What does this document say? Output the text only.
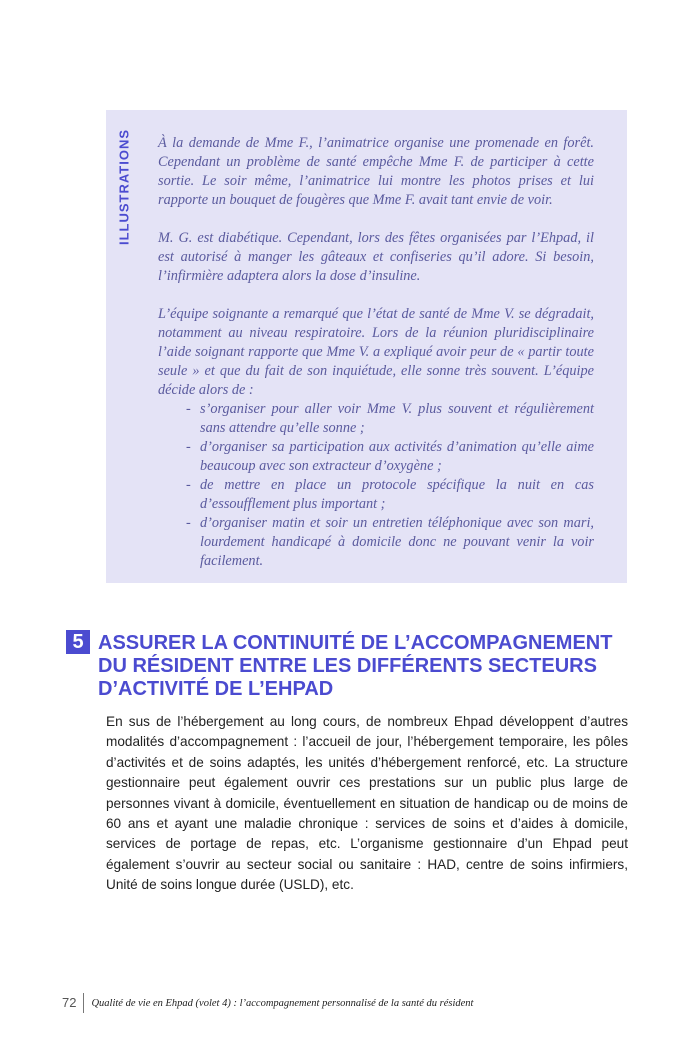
ILLUSTRATIONS À la demande de Mme F., l’animatrice organise une promenade en forêt. Cependant un problème de santé empêche Mme F. de participer à cette sortie. Le soir même, l’animatrice lui montre les photos prises et lui rapporte un bouquet de fougères que Mme F. avait tant envie de voir.

M. G. est diabétique. Cependant, lors des fêtes organisées par l’Ehpad, il est autorisé à manger les gâteaux et confiseries qu’il adore. Si besoin, l’infirmière adaptera alors la dose d’insuline.

L’équipe soignante a remarqué que l’état de santé de Mme V. se dégradait, notamment au niveau respiratoire. Lors de la réunion pluridisciplinaire l’aide soignant rapporte que Mme V. a expliqué avoir peur de « partir toute seule » et que du fait de son inquiétude, elle sonne très souvent. L’équipe décide alors de :

- s’organiser pour aller voir Mme V. plus souvent et régulièrement sans attendre qu’elle sonne ;
- d’organiser sa participation aux activités d’animation qu’elle aime beaucoup avec son extracteur d’oxygène ;
- de mettre en place un protocole spécifique la nuit en cas d’essoufflement plus important ;
- d’organiser matin et soir un entretien téléphonique avec son mari, lourdement handicapé à domicile donc ne pouvant venir la voir facilement.
5 ASSURER LA CONTINUITÉ DE L’ACCOMPAGNEMENT
DU RÉSIDENT ENTRE LES DIFFÉRENTS SECTEURS
D’ACTIVITÉ DE L’EHPAD
En sus de l’hébergement au long cours, de nombreux Ehpad développent d’autres modalités d’accompagnement : l’accueil de jour, l’hébergement temporaire, les pôles d’activités et de soins adaptés, les unités d’hébergement renforcé, etc. La structure gestionnaire peut également ouvrir ces prestations sur un public plus large de personnes vivant à domicile, éventuellement en situation de handicap ou de moins de 60 ans et ayant une maladie chronique : services de soins et d’aides à domicile, services de portage de repas, etc. L’organisme gestionnaire d’un Ehpad peut également s’ouvrir au secteur social ou sanitaire : HAD, centre de soins infirmiers, Unité de soins longue durée (USLD), etc.
72	Qualité de vie en Ehpad (volet 4) : l’accompagnement personnalisé de la santé du résident
